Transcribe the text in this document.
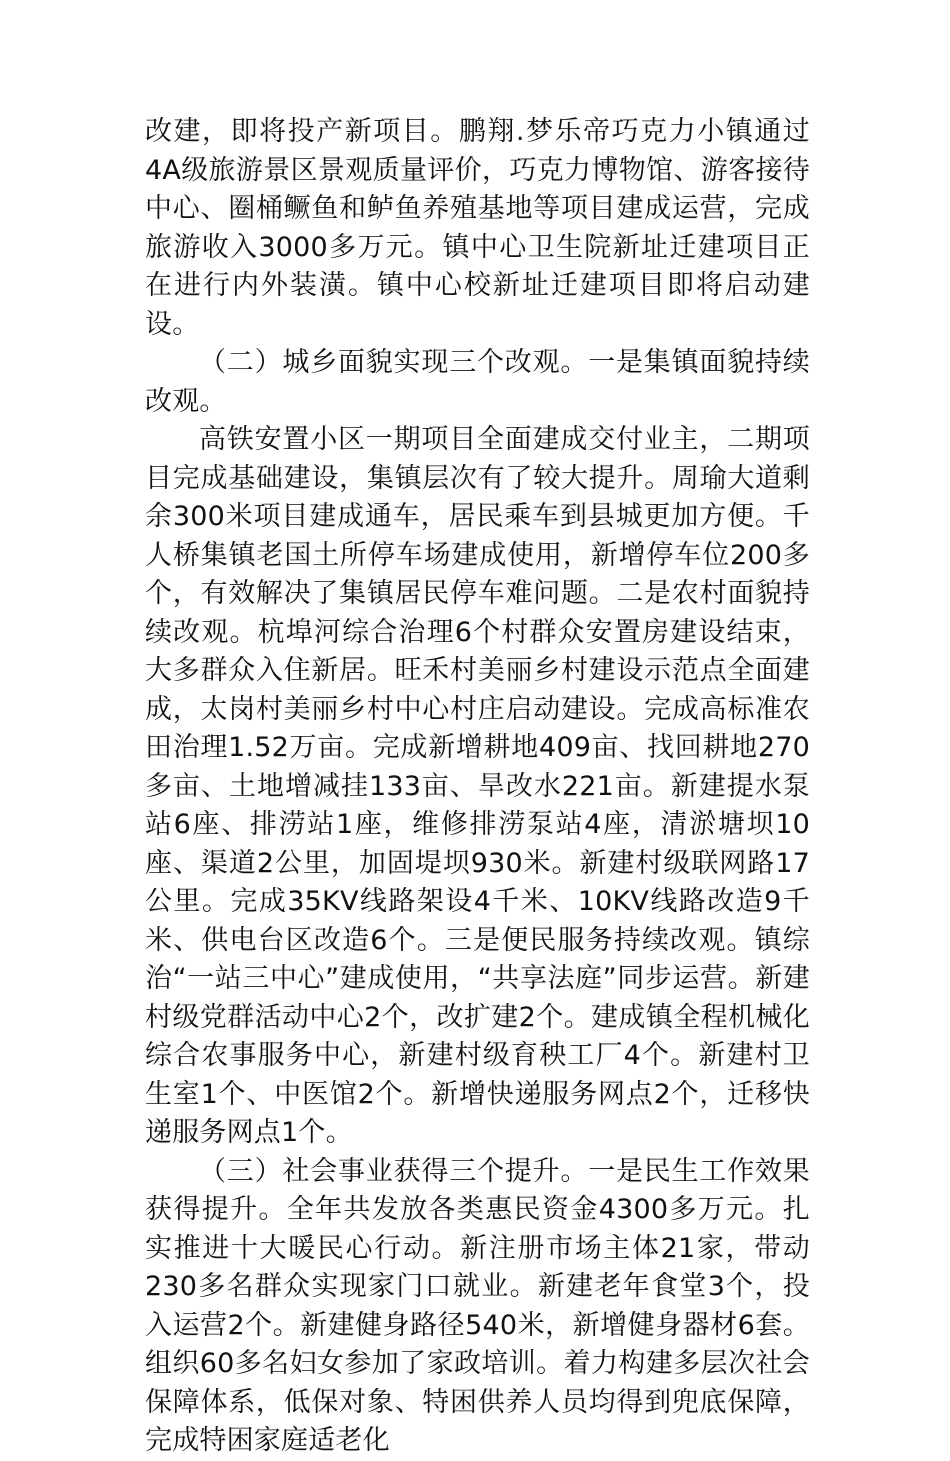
改建，即将投产新项目。鹏翔.梦乐帝巧克力小镇通过4A级旅游景区景观质量评价，巧克力博物馆、游客接待中心、圈桶鳜鱼和鲈鱼养殖基地等项目建成运营，完成旅游收入3000多万元。镇中心卫生院新址迁建项目正在进行内外装潢。镇中心校新址迁建项目即将启动建设。

（二）城乡面貌实现三个改观。一是集镇面貌持续改观。

高铁安置小区一期项目全面建成交付业主，二期项目完成基础建设，集镇层次有了较大提升。周瑜大道剩余300米项目建成通车，居民乘车到县城更加方便。千人桥集镇老国土所停车场建成使用，新增停车位200多个，有效解决了集镇居民停车难问题。二是农村面貌持续改观。杭埠河综合治理6个村群众安置房建设结束，大多群众入住新居。旺禾村美丽乡村建设示范点全面建成，太岗村美丽乡村中心村庄启动建设。完成高标准农田治理1.52万亩。完成新增耕地409亩、找回耕地270多亩、土地增减挂133亩、旱改水221亩。新建提水泵站6座、排涝站1座，维修排涝泵站4座，清淤塘坝10座、渠道2公里，加固堤坝930米。新建村级联网路17公里。完成35KV线路架设4千米、10KV线路改造9千米、供电台区改造6个。三是便民服务持续改观。镇综治“一站三中心”建成使用，“共享法庭”同步运营。新建村级党群活动中心2个，改扩建2个。建成镇全程机械化综合农事服务中心，新建村级育秧工厂4个。新建村卫生室1个、中医馆2个。新增快递服务网点2个，迁移快递服务网点1个。

（三）社会事业获得三个提升。一是民生工作效果获得提升。全年共发放各类惠民资金4300多万元。扎实推进十大暖民心行动。新注册市场主体21家，带动230多名群众实现家门口就业。新建老年食堂3个，投入运营2个。新建健身路径540米，新增健身器材6套。组织60多名妇女参加了家政培训。着力构建多层次社会保障体系，低保对象、特困供养人员均得到兜底保障，完成特困家庭适老化
